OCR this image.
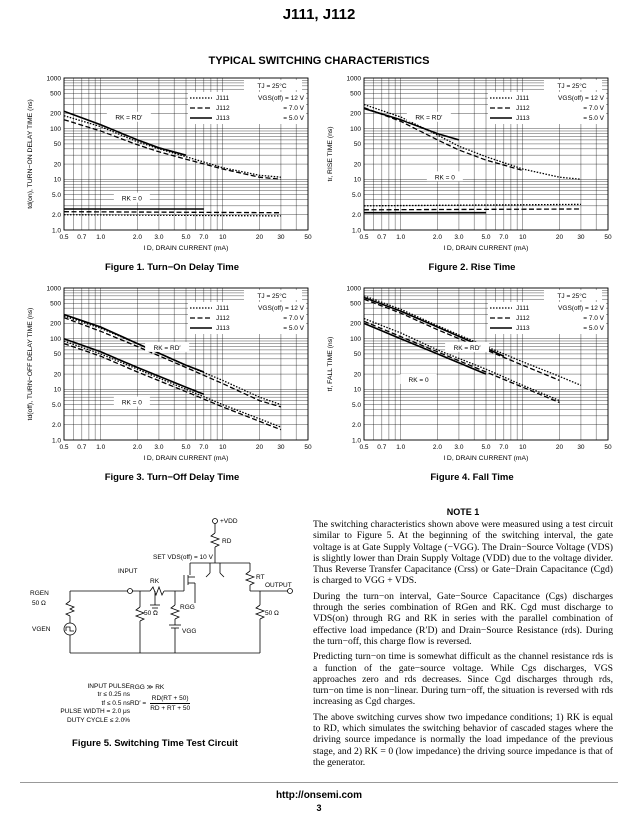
J111, J112
TYPICAL SWITCHING CHARACTERISTICS
0.5 0.7 1.0	2.0 3.0	5.0 7.0 10	20 30	50
1.0
2.0
5.0
10
20
50
100
200
500
1000
I D, DRAIN CURRENT (mA)
td(on), TURN−ON DELAY TIME (ns)
J111	VGS(off) = 12 V
J112	= 7.0 V
J113	= 5.0 V
TJ = 25°C
RK = RD′
RK = 0
0.5 0.7 1.0	2.0 3.0	5.0 7.0 10	20 30	50
1.0
2.0
5.0
10
20
50
100
200
500
1000
I D, DRAIN CURRENT (mA)
tr, RISE TIME (ns)
J111	VGS(off) = 12 V
J112	= 7.0 V
J113	= 5.0 V
TJ = 25°C
RK = RD′
RK = 0
0.5 0.7 1.0	2.0 3.0	5.0 7.0 10	20 30	50
1.0
2.0
5.0
10
20
50
100
200
500
1000
I D, DRAIN CURRENT (mA)
td(off), TURN−OFF DELAY TIME (ns)	J111	VGS(off) = 12 V
J112	= 7.0 V
J113	= 5.0 V
TJ = 25°C
RK = RD′
RK = 0
0.5 0.7 1.0	2.0 3.0	5.0 7.0 10	20 30	50
1.0
2.0
5.0
10
20
50
100
200
500
1000
I D, DRAIN CURRENT (mA)
tf, FALL TIME (ns)
J111	VGS(off) = 12 V
J112	= 7.0 V
J113	= 5.0 V
TJ = 25°C
RK = RD′
RK = 0
Figure 1. Turn−On Delay Time	Figure 2. Rise Time
Figure 3. Turn−Off Delay Time	Figure 4. Fall Time
+VDD
RD
SET VDS(off) = 10 V
INPUT
OUTPUT
RK
RT
RGEN
50 Ω
VGEN
50 Ω	50 Ω
RGG
VGG
INPUT PULSE
tr ≤ 0.25 ns
tf ≤ 0.5 ns
PULSE WIDTH = 2.0 μs
DUTY CYCLE ≤ 2.0%
RGG ≫ RK
$RD' = \frac{RD(RT + 50)}{RD + RT + 50}$
Figure 5. Switching Time Test Circuit
NOTE 1

The switching characteristics shown above were measured using a test circuit similar to Figure 5. At the beginning of the switching interval, the gate voltage is at Gate Supply Voltage (−VGG). The Drain−Source Voltage (VDS) is slightly lower than Drain Supply Voltage (VDD) due to the voltage divider. Thus Reverse Transfer Capacitance (Crss) or Gate−Drain Capacitance (Cgd) is charged to VGG + VDS.

During the turn−on interval, Gate−Source Capacitance (Cgs) discharges through the series combination of RGen and RK. Cgd must discharge to VDS(on) through RG and RK in series with the parallel combination of effective load impedance (R′D) and Drain−Source Resistance (rds). During the turn−off, this charge flow is reversed.

Predicting turn−on time is somewhat difficult as the channel resistance rds is a function of the gate−source voltage. While Cgs discharges, VGS approaches zero and rds decreases. Since Cgd discharges through rds, turn−on time is non−linear. During turn−off, the situation is reversed with rds increasing as Cgd charges.

The above switching curves show two impedance conditions; 1) RK is equal to RD, which simulates the switching behavior of cascaded stages where the driving source impedance is normally the load impedance of the previous stage, and 2) RK = 0 (low impedance) the driving source impedance is that of the generator.

http://onsemi.com
3
